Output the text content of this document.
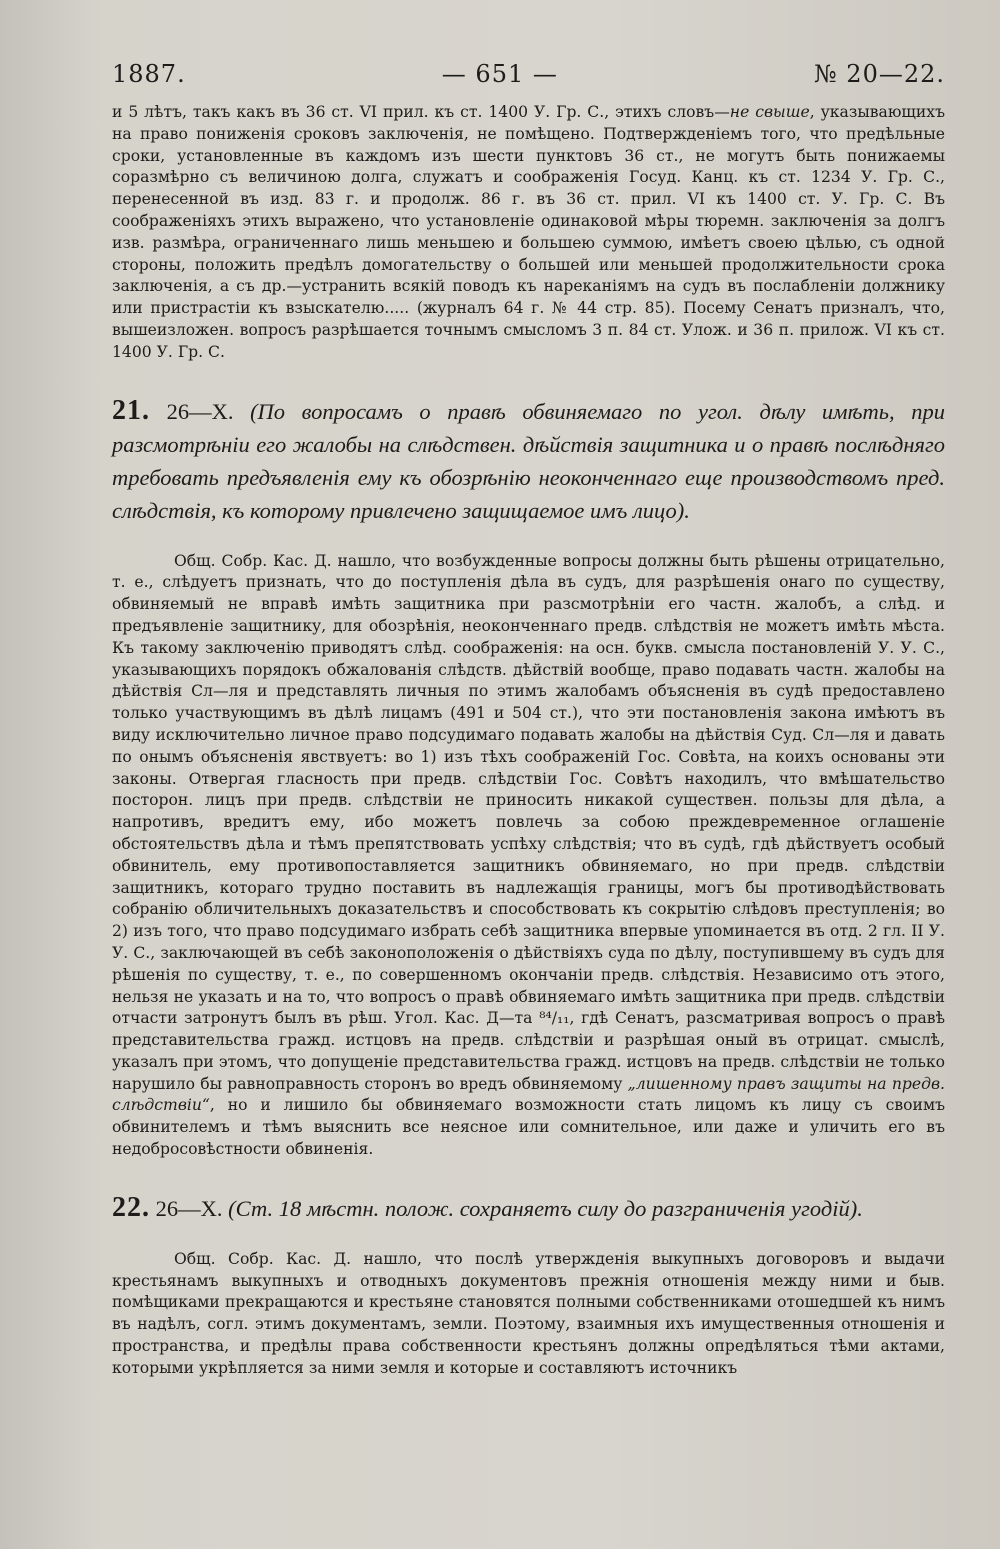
1887.	— 651 —	№ 20—22.

и 5 лѣтъ, такъ какъ въ 36 ст. VI прил. къ ст. 1400 У. Гр. С., этихъ словъ—не свыше, указывающихъ на право пониженія сроковъ заключенія, не помѣщено. Подтвержденіемъ того, что предѣльные сроки, установленные въ каждомъ изъ шести пунктовъ 36 ст., не могутъ быть понижаемы соразмѣрно съ величиною долга, служатъ и соображенія Госуд. Канц. къ ст. 1234 У. Гр. С., перенесенной въ изд. 83 г. и продолж. 86 г. въ 36 ст. прил. VI къ 1400 ст. У. Гр. С. Въ соображеніяхъ этихъ выражено, что установленіе одинаковой мѣры тюремн. заключенія за долгъ изв. размѣра, ограниченнаго лишь меньшею и большею суммою, имѣетъ своею цѣлью, съ одной стороны, положить предѣлъ домогательству о большей или меньшей продолжительности срока заключенія, а съ др.—устранить всякій поводъ къ нареканіямъ на судъ въ послабленіи должнику или пристрастіи къ взыскателю..... (журналъ 64 г. № 44 стр. 85). Посему Сенатъ призналъ, что, вышеизложен. вопросъ разрѣшается точнымъ смысломъ 3 п. 84 ст. Улож. и 36 п. прилож. VI къ ст. 1400 У. Гр. С.

21. 26—X. (По вопросамъ о правѣ обвиняемаго по угол. дѣлу имѣть, при разсмотрѣніи его жалобы на слѣдствен. дѣйствія защитника и о правѣ послѣдняго требовать предъявленія ему къ обозрѣнію неоконченнаго еще производствомъ пред. слѣдствія, къ которому привлечено защищаемое имъ лицо).

Общ. Собр. Кас. Д. нашло, что возбужденные вопросы должны быть рѣшены отрицательно, т. е., слѣдуетъ признать, что до поступленія дѣла въ судъ, для разрѣшенія онаго по существу, обвиняемый не вправѣ имѣть защитника при разсмотрѣніи его частн. жалобъ, а слѣд. и предъявленіе защитнику, для обозрѣнія, неоконченнаго предв. слѣдствія не можетъ имѣть мѣста. Къ такому заключенію приводятъ слѣд. соображенія: на осн. букв. смысла постановленій У. У. С., указывающихъ порядокъ обжалованія слѣдств. дѣйствій вообще, право подавать частн. жалобы на дѣйствія Сл—ля и представлять личныя по этимъ жалобамъ объясненія въ судѣ предоставлено только участвующимъ въ дѣлѣ лицамъ (491 и 504 ст.), что эти постановленія закона имѣютъ въ виду исключительно личное право подсудимаго подавать жалобы на дѣйствія Суд. Сл—ля и давать по онымъ объясненія явствуетъ: во 1) изъ тѣхъ соображеній Гос. Совѣта, на коихъ основаны эти законы. Отвергая гласность при предв. слѣдствіи Гос. Совѣтъ находилъ, что вмѣшательство посторон. лицъ при предв. слѣдствіи не приносить никакой существен. пользы для дѣла, а напротивъ, вредитъ ему, ибо можетъ повлечь за собою преждевременное оглашеніе обстоятельствъ дѣла и тѣмъ препятствовать успѣху слѣдствія; что въ судѣ, гдѣ дѣйствуетъ особый обвинитель, ему противопоставляется защитникъ обвиняемаго, но при предв. слѣдствіи защитникъ, котораго трудно поставить въ надлежащія границы, могъ бы противодѣйствовать собранію обличительныхъ доказательствъ и способствовать къ сокрытію слѣдовъ преступленія; во 2) изъ того, что право подсудимаго избрать себѣ защитника впервые упоминается въ отд. 2 гл. II У. У. С., заключающей въ себѣ законоположенія о дѣйствіяхъ суда по дѣлу, поступившему въ судъ для рѣшенія по существу, т. е., по совершенномъ окончаніи предв. слѣдствія. Независимо отъ этого, нельзя не указать и на то, что вопросъ о правѣ обвиняемаго имѣть защитника при предв. слѣдствіи отчасти затронутъ былъ въ рѣш. Угол. Кас. Д—та ⁸⁴/₁₁, гдѣ Сенатъ, разсматривая вопросъ о правѣ представительства гражд. истцовъ на предв. слѣдствіи и разрѣшая оный въ отрицат. смыслѣ, указалъ при этомъ, что допущеніе представительства гражд. истцовъ на предв. слѣдствіи не только нарушило бы равноправность сторонъ во вредъ обвиняемому „лишенному правъ защиты на предв. слѣдствіи“, но и лишило бы обвиняемаго возможности стать лицомъ къ лицу съ своимъ обвинителемъ и тѣмъ выяснить все неясное или сомнительное, или даже и уличить его въ недобросовѣстности обвиненія.

22. 26—X. (Ст. 18 мѣстн. полож. сохраняетъ силу до разграниченія угодій).

Общ. Собр. Кас. Д. нашло, что послѣ утвержденія выкупныхъ договоровъ и выдачи крестьянамъ выкупныхъ и отводныхъ документовъ прежнія отношенія между ними и быв. помѣщиками прекращаются и крестьяне становятся полными собственниками отошедшей къ нимъ въ надѣлъ, согл. этимъ документамъ, земли. Поэтому, взаимныя ихъ имущественныя отношенія и пространства, и предѣлы права собственности крестьянъ должны опредѣляться тѣми актами, которыми укрѣпляется за ними земля и которые и составляютъ источникъ
